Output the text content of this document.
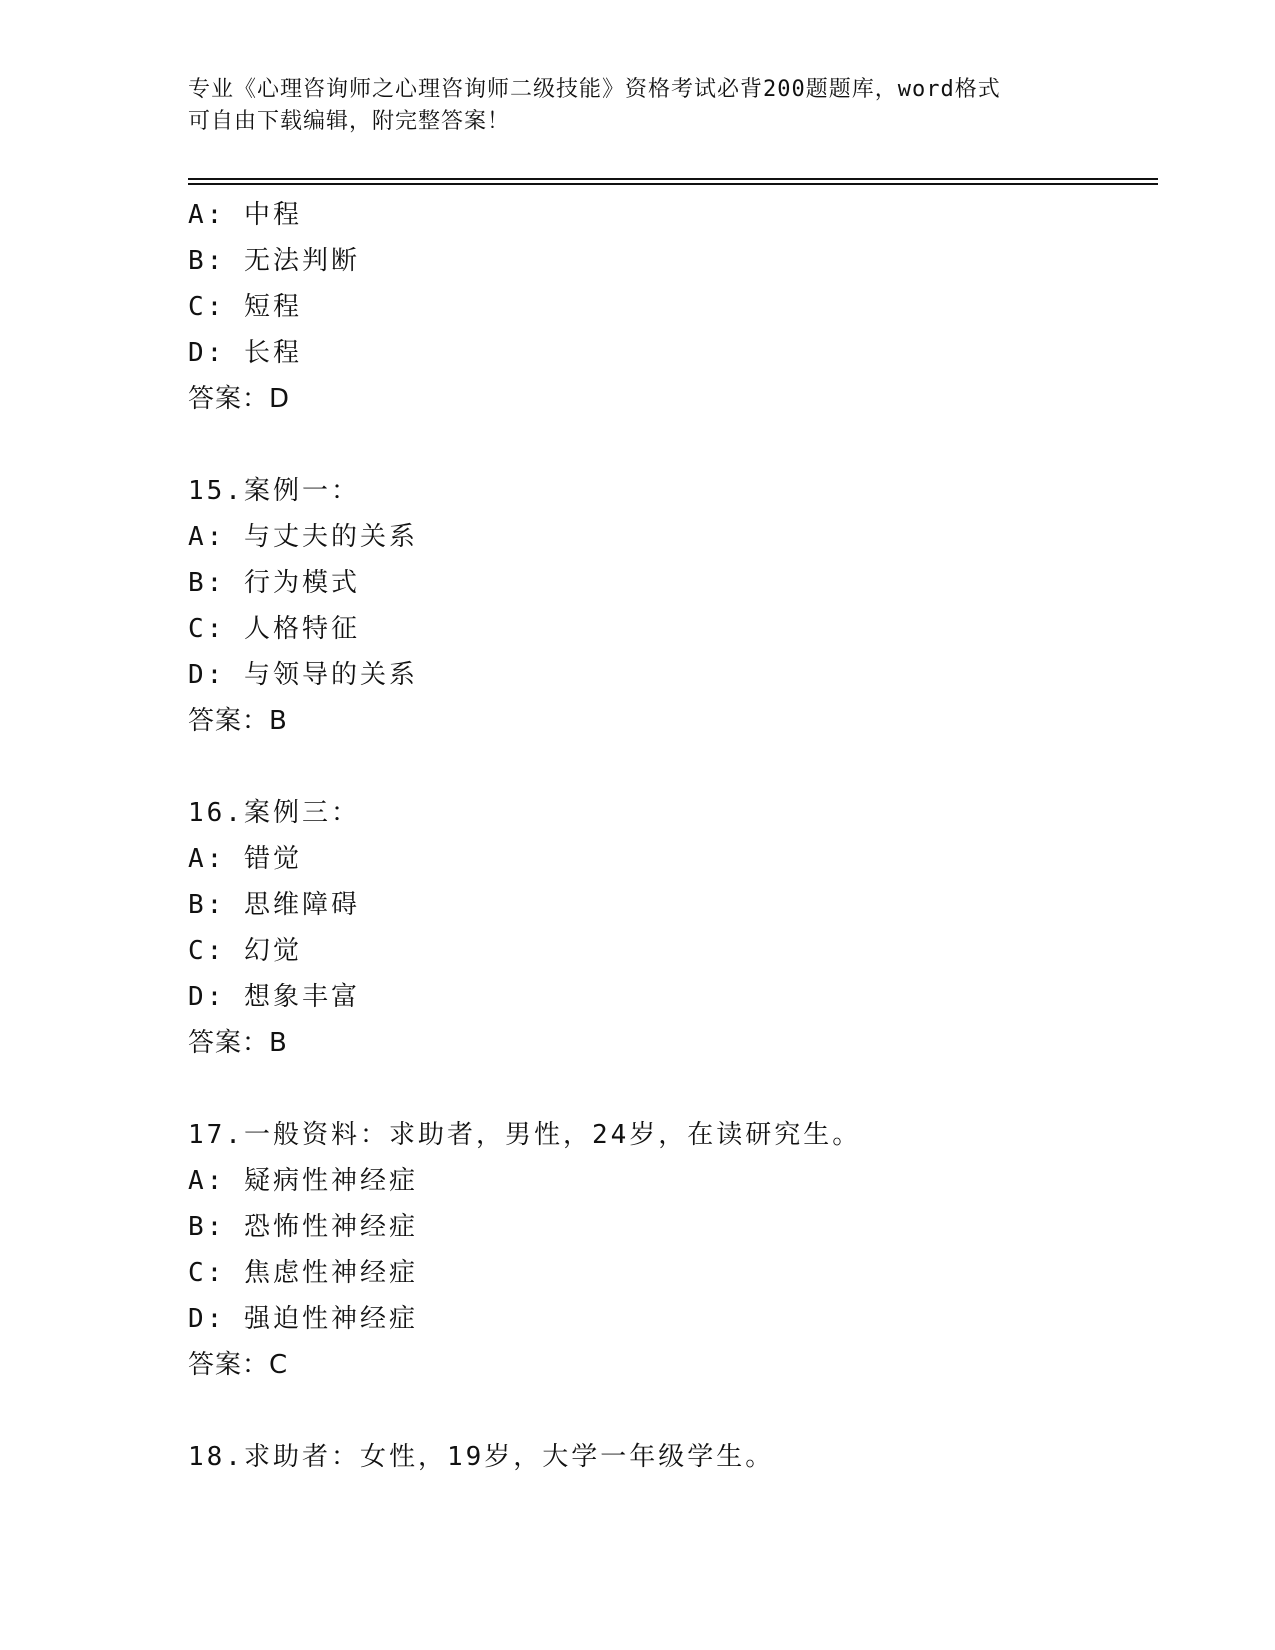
专业《心理咨询师之心理咨询师二级技能》资格考试必背200题题库，word格式
可自由下载编辑，附完整答案！
A: 中程
B: 无法判断
C: 短程
D: 长程
答案：D
15.案例一：
A: 与丈夫的关系
B: 行为模式
C: 人格特征
D: 与领导的关系
答案：B
16.案例三：
A: 错觉
B: 思维障碍
C: 幻觉
D: 想象丰富
答案：B
17.一般资料：求助者，男性，24岁，在读研究生。
A: 疑病性神经症
B: 恐怖性神经症
C: 焦虑性神经症
D: 强迫性神经症
答案：C
18.求助者：女性，19岁，大学一年级学生。
